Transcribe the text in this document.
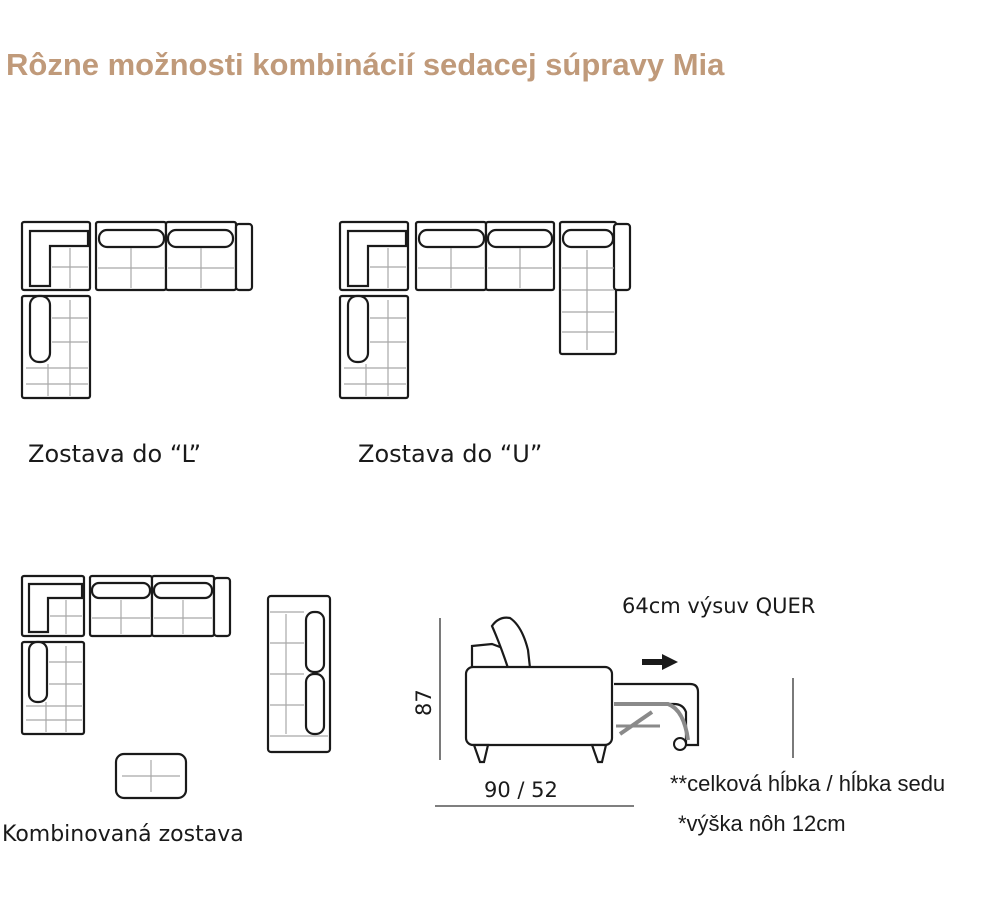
Rôzne možnosti kombinácií sedacej súpravy Mia
Zostava do “L”	Zostava do “U”
Kombinovaná zostava
64cm výsuv QUER
87
90 / 52	**celková hĺbka / hĺbka sedu
*výška nôh 12cm
